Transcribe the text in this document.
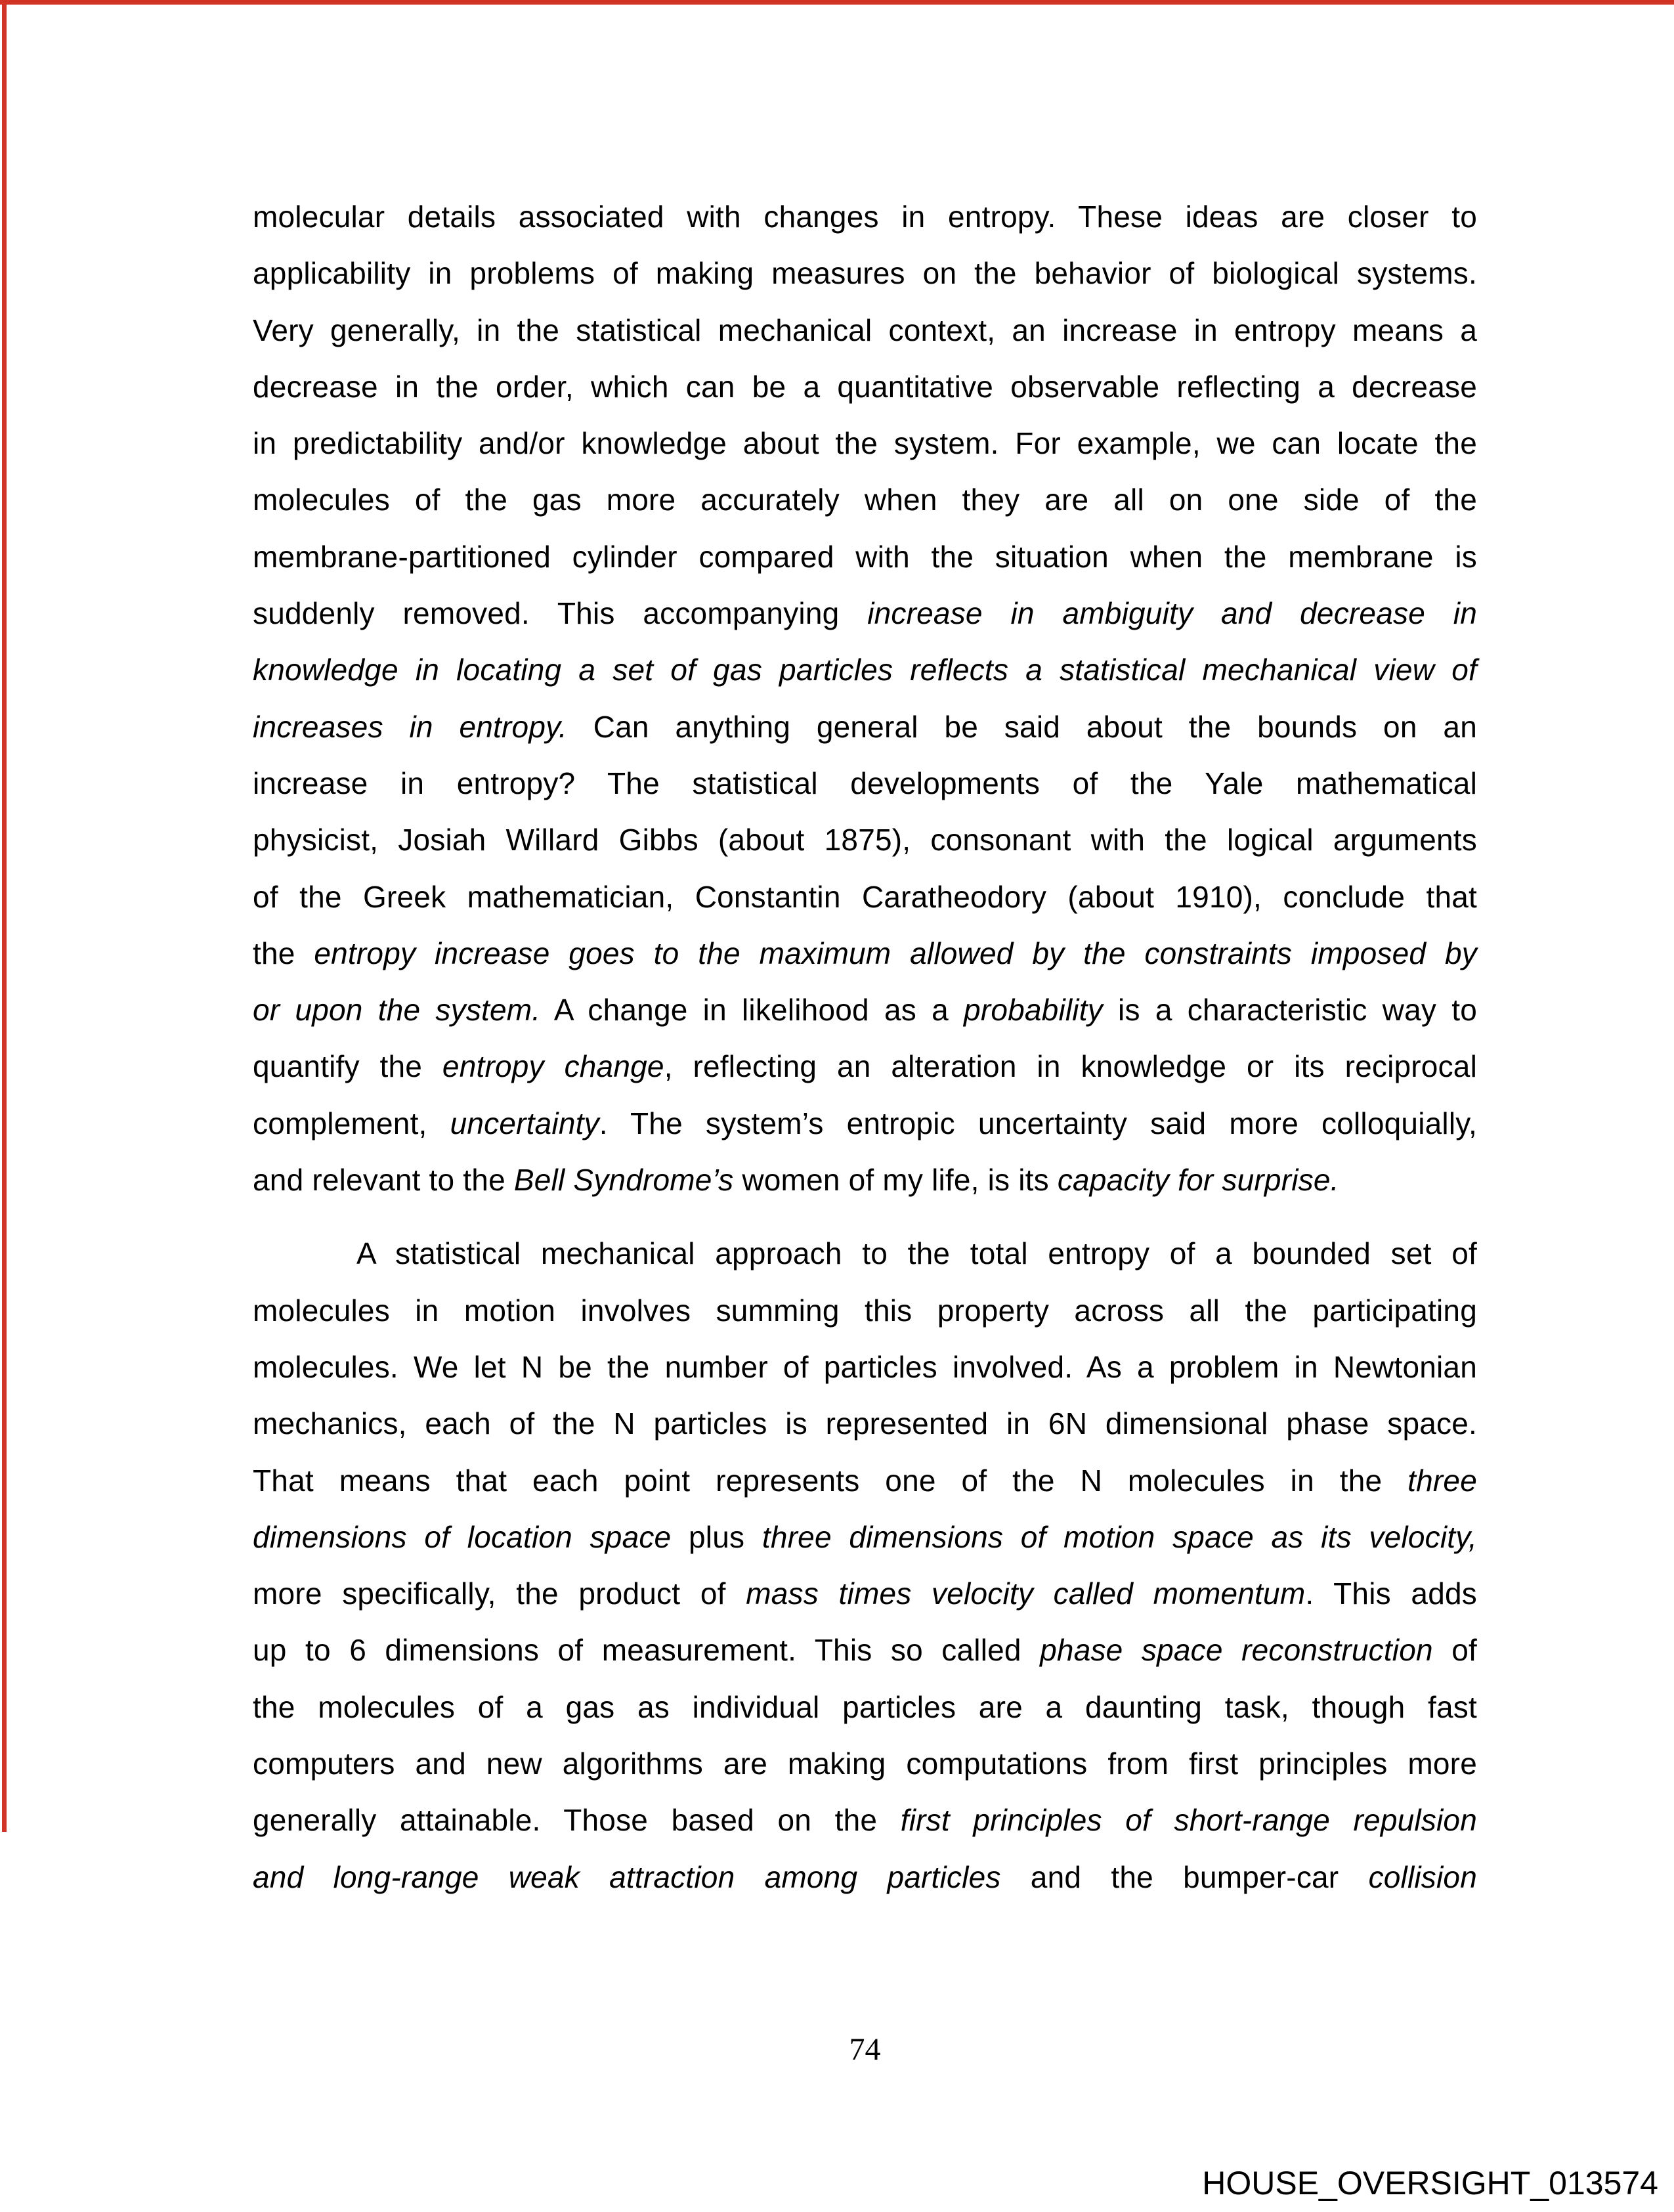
molecular details associated with changes in entropy. These ideas are closer to
applicability in problems of making measures on the behavior of biological systems.
Very generally, in the statistical mechanical context, an increase in entropy means a
decrease in the order, which can be a quantitative observable reflecting a decrease
in predictability and/or knowledge about the system. For example, we can locate the
molecules of the gas more accurately when they are all on one side of the
membrane-partitioned cylinder compared with the situation when the membrane is
suddenly removed. This accompanying increase in ambiguity and decrease in
knowledge in locating a set of gas particles reflects a statistical mechanical view of
increases in entropy. Can anything general be said about the bounds on an
increase in entropy? The statistical developments of the Yale mathematical
physicist, Josiah Willard Gibbs (about 1875), consonant with the logical arguments
of the Greek mathematician, Constantin Caratheodory (about 1910), conclude that
the entropy increase goes to the maximum allowed by the constraints imposed by
or upon the system. A change in likelihood as a probability is a characteristic way to
quantify the entropy change, reflecting an alteration in knowledge or its reciprocal
complement, uncertainty. The system’s entropic uncertainty said more colloquially,
and relevant to the Bell Syndrome’s women of my life, is its capacity for surprise.
A statistical mechanical approach to the total entropy of a bounded set of
molecules in motion involves summing this property across all the participating
molecules. We let N be the number of particles involved. As a problem in Newtonian
mechanics, each of the N particles is represented in 6N dimensional phase space.
That means that each point represents one of the N molecules in the three
dimensions of location space plus three dimensions of motion space as its velocity,
more specifically, the product of mass times velocity called momentum. This adds
up to 6 dimensions of measurement. This so called phase space reconstruction of
the molecules of a gas as individual particles are a daunting task, though fast
computers and new algorithms are making computations from first principles more
generally attainable. Those based on the first principles of short-range repulsion
and long-range weak attraction among particles and the bumper-car collision
74
HOUSE_OVERSIGHT_013574
